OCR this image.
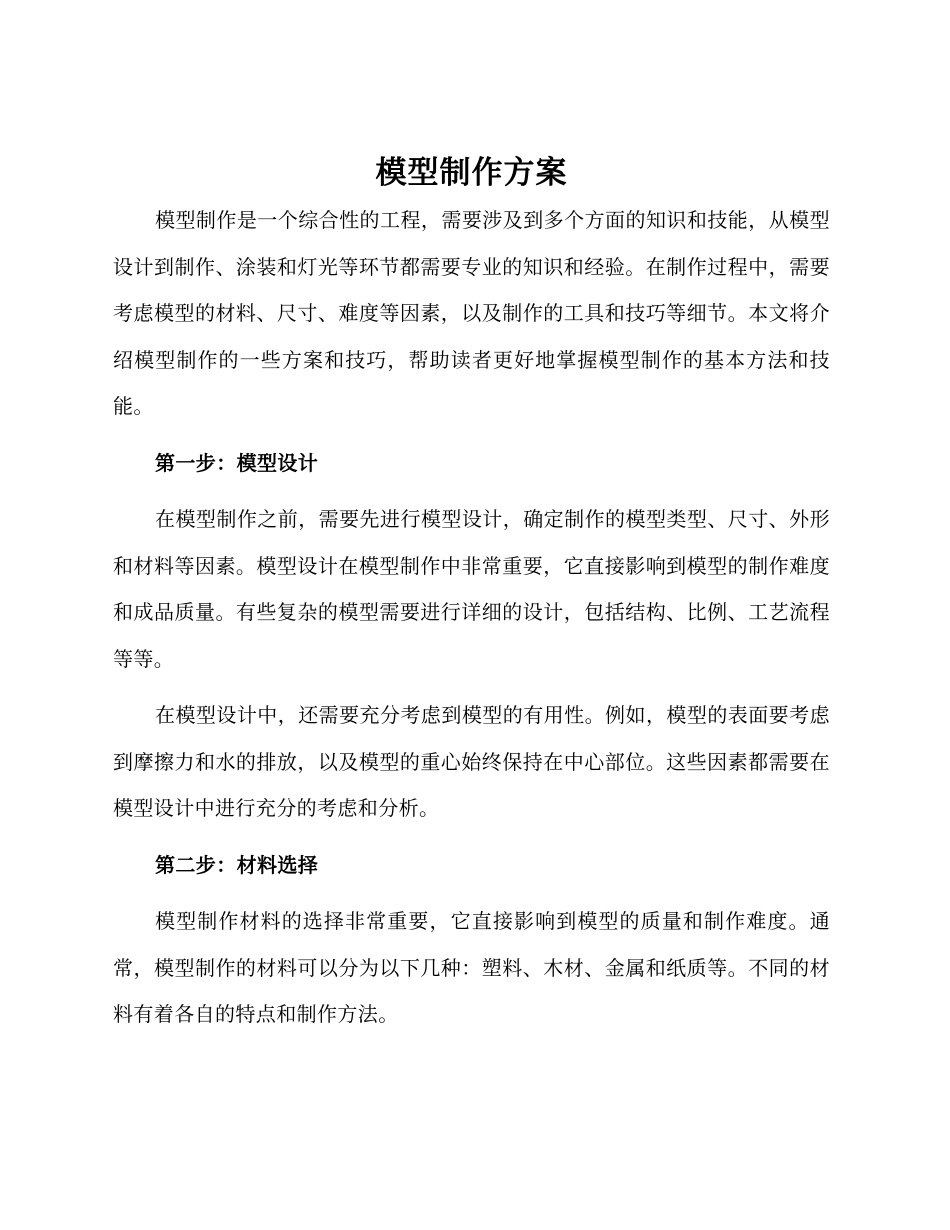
模型制作方案

模型制作是一个综合性的工程，需要涉及到多个方面的知识和技能，从模型设计到制作、涂装和灯光等环节都需要专业的知识和经验。在制作过程中，需要考虑模型的材料、尺寸、难度等因素，以及制作的工具和技巧等细节。本文将介绍模型制作的一些方案和技巧，帮助读者更好地掌握模型制作的基本方法和技能。

第一步：模型设计

在模型制作之前，需要先进行模型设计，确定制作的模型类型、尺寸、外形和材料等因素。模型设计在模型制作中非常重要，它直接影响到模型的制作难度和成品质量。有些复杂的模型需要进行详细的设计，包括结构、比例、工艺流程等等。

在模型设计中，还需要充分考虑到模型的有用性。例如，模型的表面要考虑到摩擦力和水的排放，以及模型的重心始终保持在中心部位。这些因素都需要在模型设计中进行充分的考虑和分析。

第二步：材料选择

模型制作材料的选择非常重要，它直接影响到模型的质量和制作难度。通常，模型制作的材料可以分为以下几种：塑料、木材、金属和纸质等。不同的材料有着各自的特点和制作方法。
